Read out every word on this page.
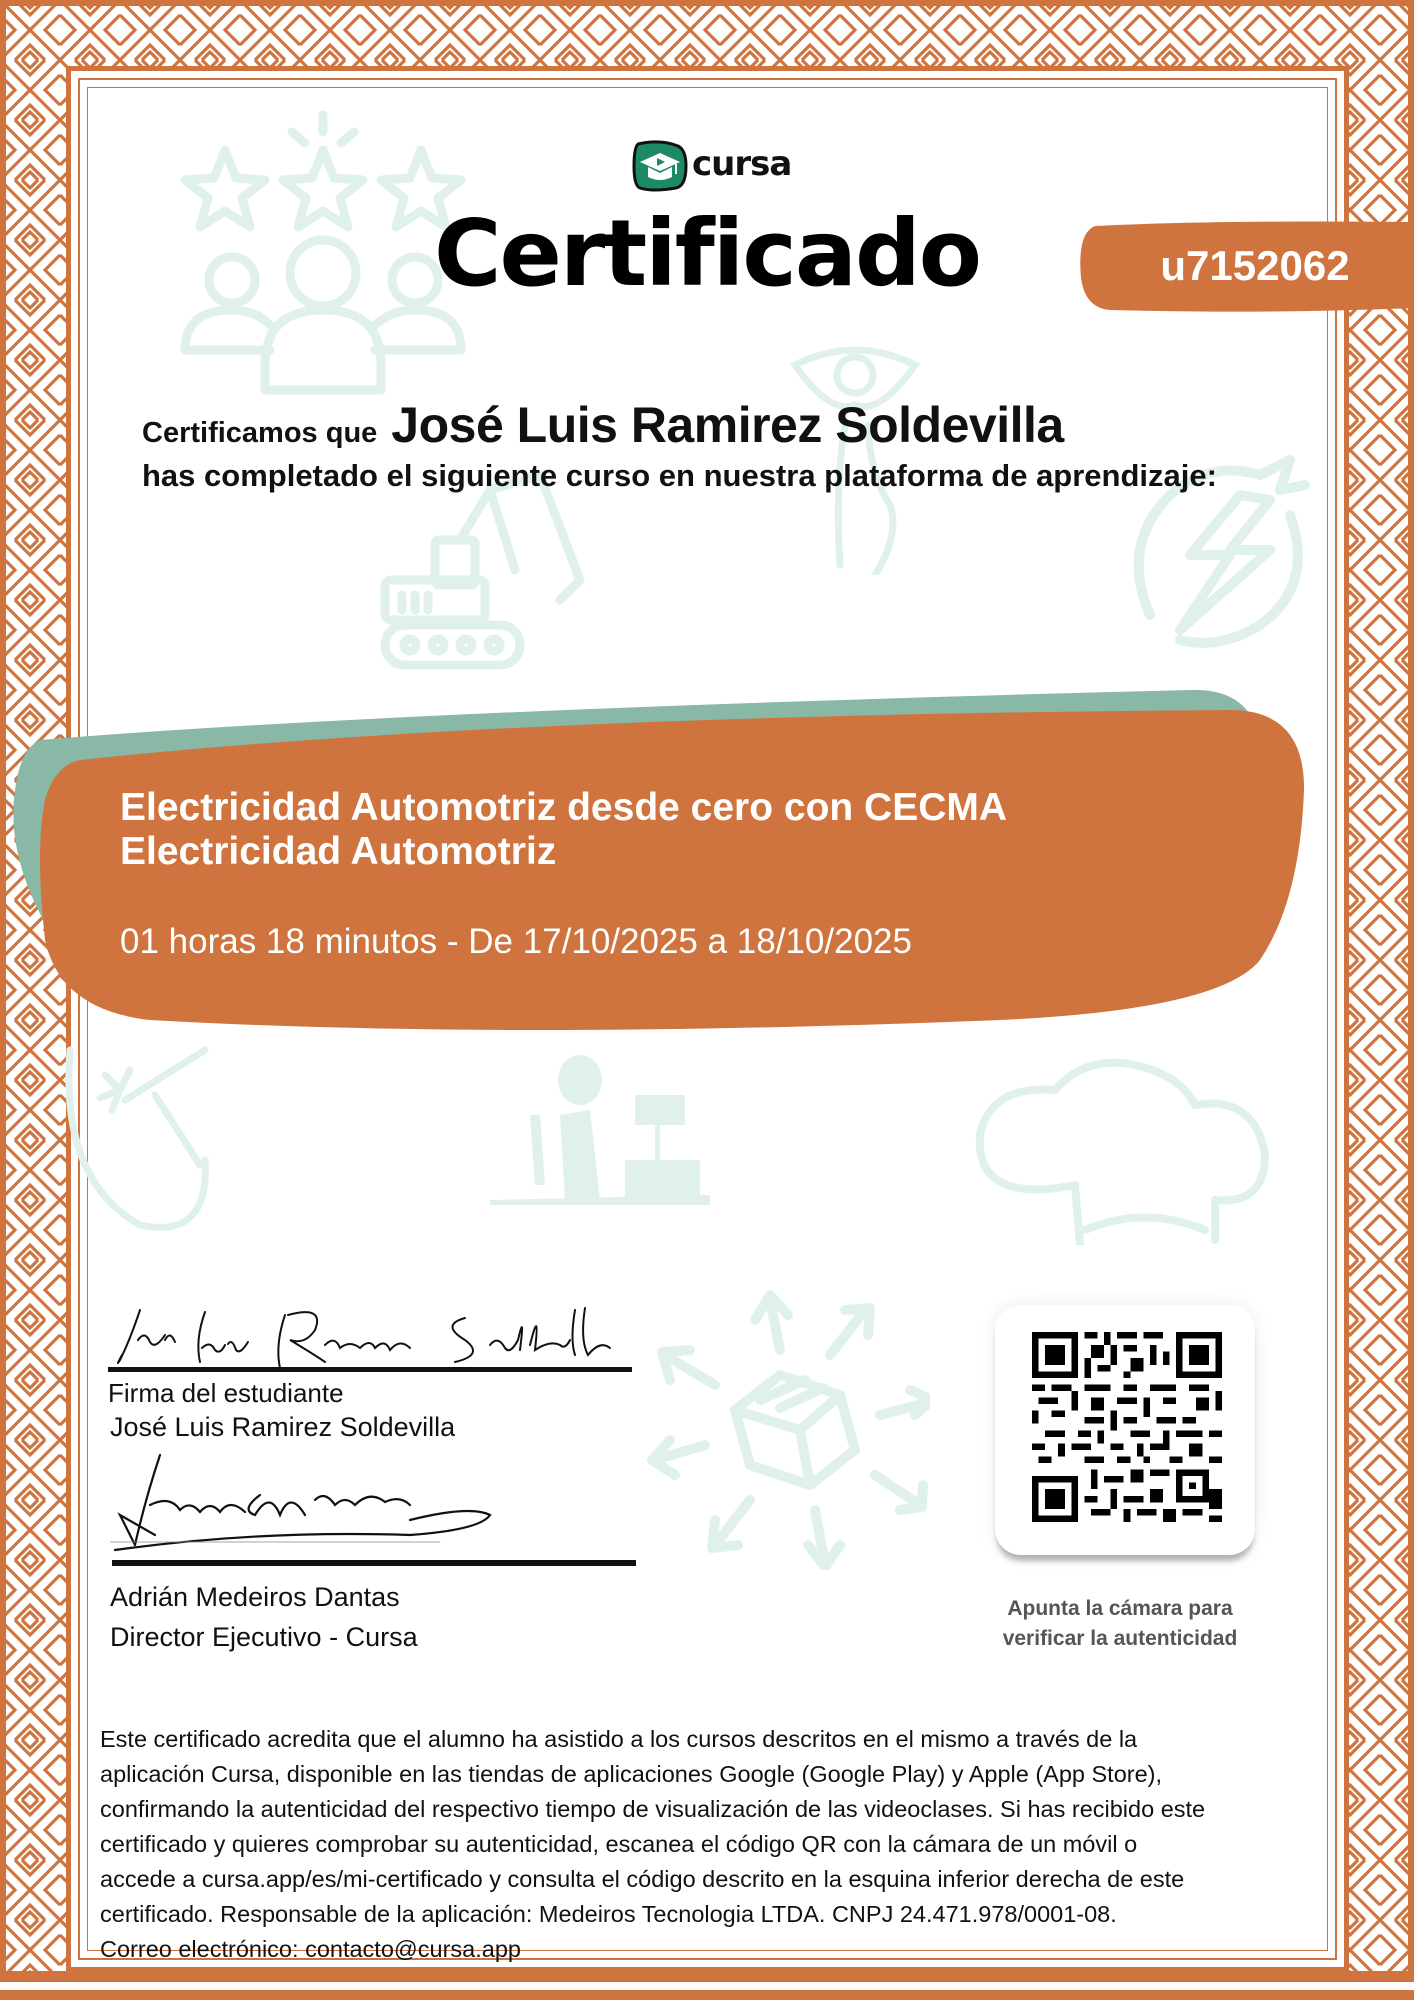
cursa
Certificado	u7152062
Certificamos que José Luis Ramirez Soldevilla
has completado el siguiente curso en nuestra plataforma de aprendizaje:
Electricidad Automotriz desde cero con CECMA
Electricidad Automotriz
01 horas 18 minutos - De 17/10/2025 a 18/10/2025
Firma del estudiante
José Luis Ramirez Soldevilla
Adrián Medeiros Dantas
Director Ejecutivo - Cursa
Apunta la cámara para
verificar la autenticidad
Este certificado acredita que el alumno ha asistido a los cursos descritos en el mismo a través de la
aplicación Cursa, disponible en las tiendas de aplicaciones Google (Google Play) y Apple (App Store),
confirmando la autenticidad del respectivo tiempo de visualización de las videoclases. Si has recibido este
certificado y quieres comprobar su autenticidad, escanea el código QR con la cámara de un móvil o
accede a cursa.app/es/mi-certificado y consulta el código descrito en la esquina inferior derecha de este
certificado. Responsable de la aplicación: Medeiros Tecnologia LTDA. CNPJ 24.471.978/0001-08.
Correo electrónico: contacto@cursa.app
